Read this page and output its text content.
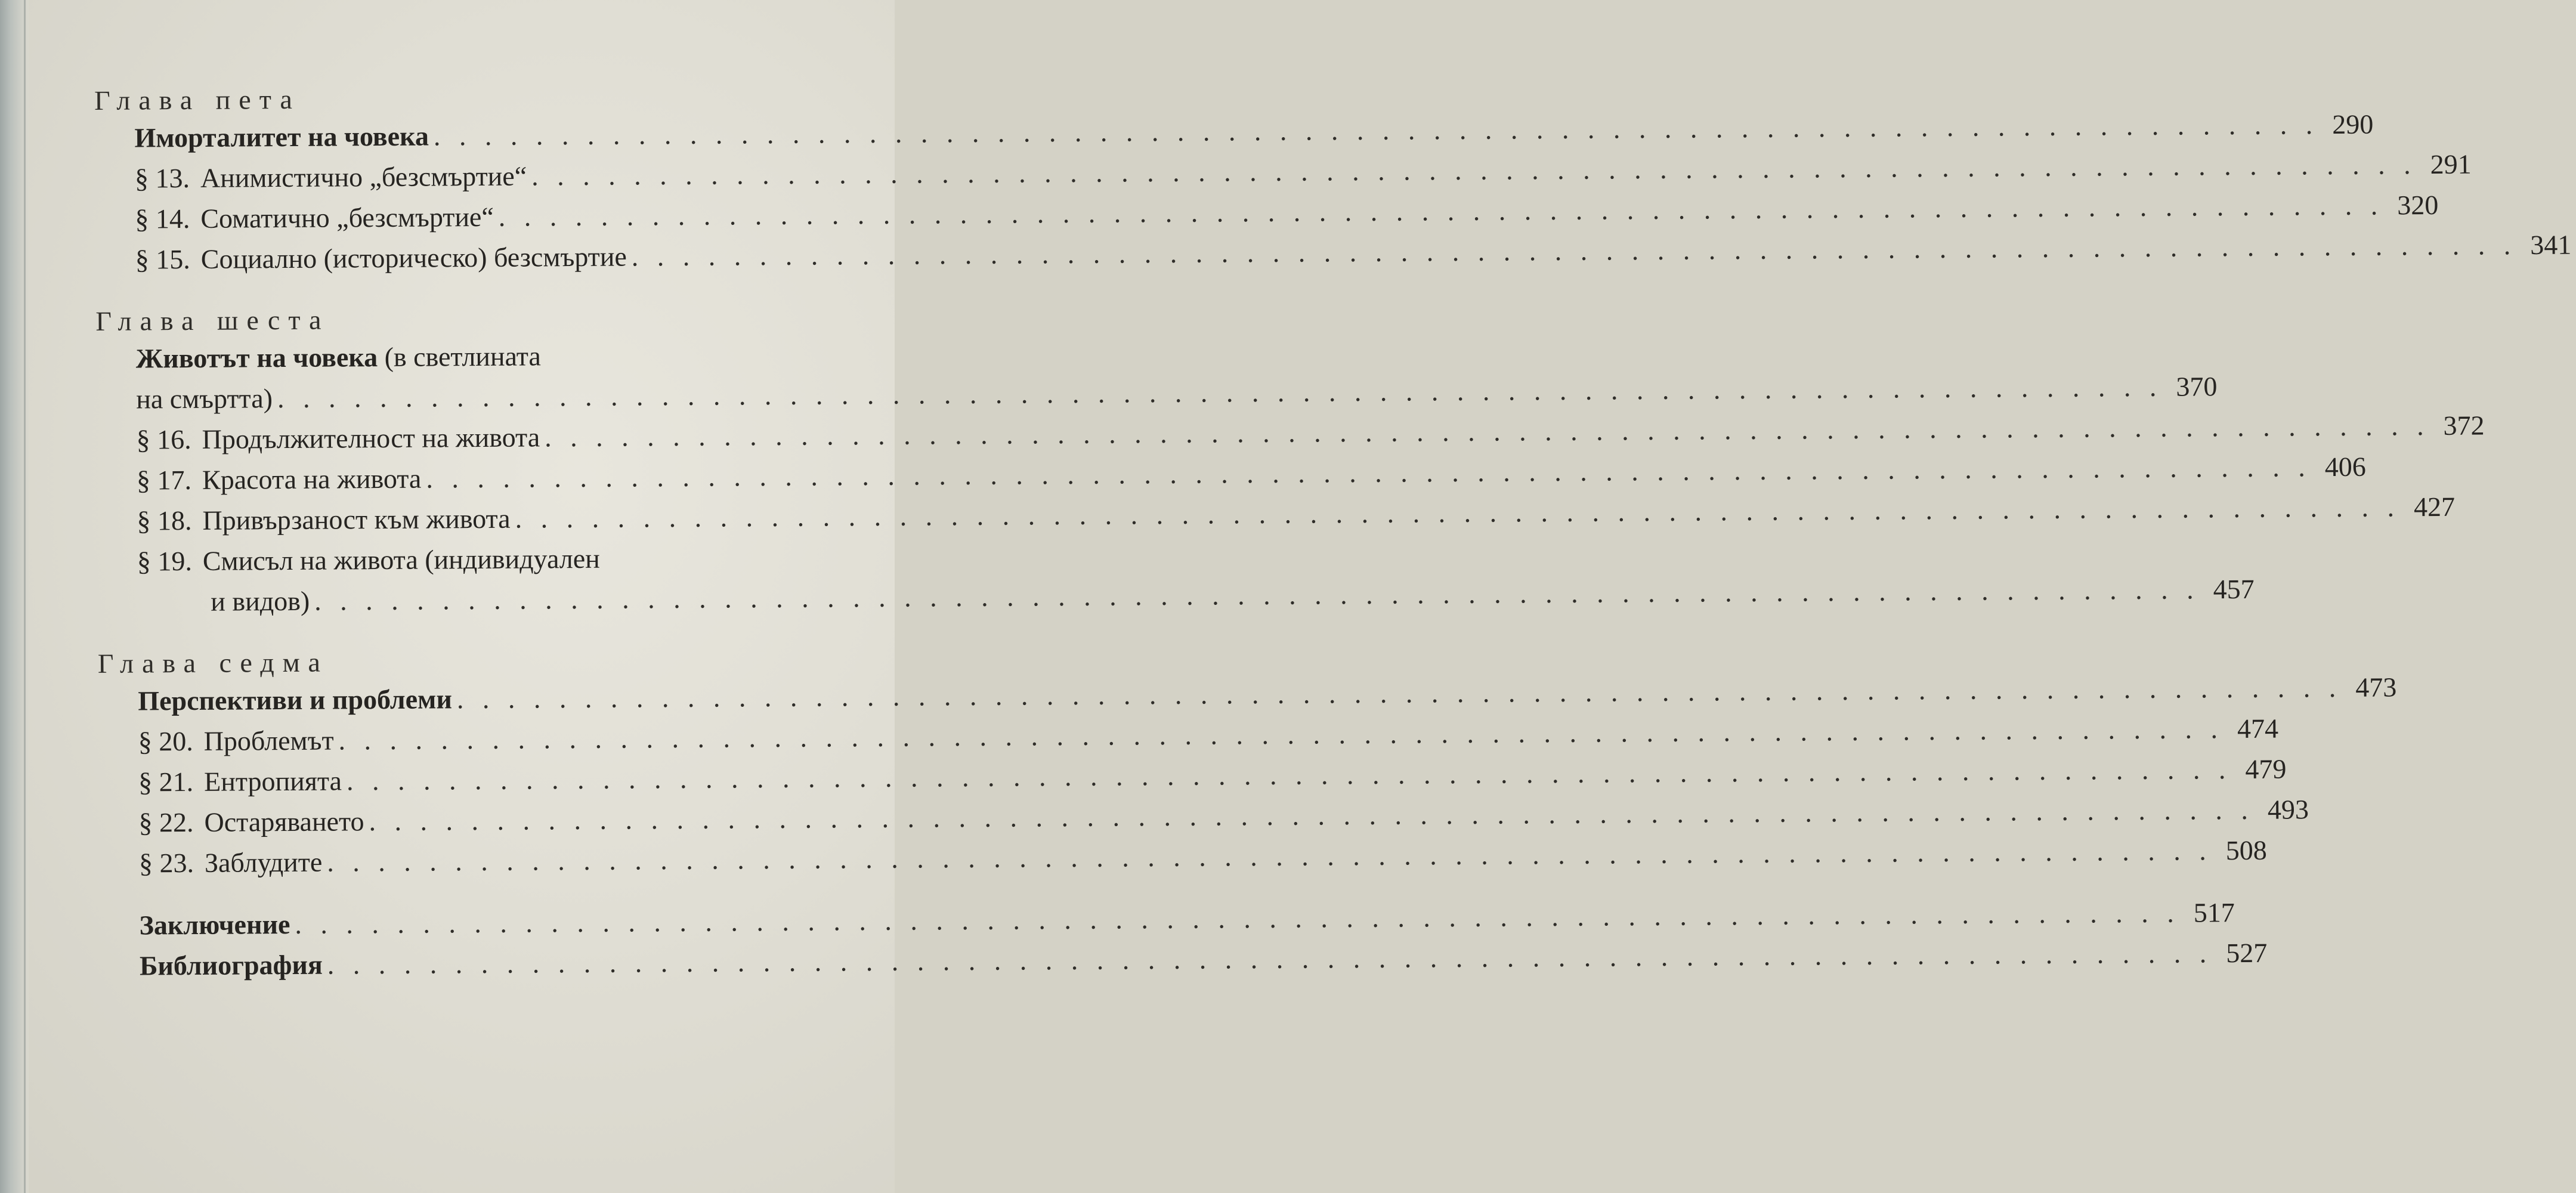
Глава пета
Иморталитет на човека . . . . . . . . . . . . . . . . . . . . . . . . . . . . . . . . . . . . . . . . . . . . . . . . . . . . . . . . . . . . . . . . . . . . . . . . . . 290
§ 13. Анимистично „безсмъртие“ . . . . . . . . . . . . . . . . . . . . . . . . . . . . . . . . . . . . . . . . . . . . . . . . . . . . . . . . . . . . . . . . . . . . . . . . . . 291
§ 14. Соматично „безсмъртие“ . . . . . . . . . . . . . . . . . . . . . . . . . . . . . . . . . . . . . . . . . . . . . . . . . . . . . . . . . . . . . . . . . . . . . . . . . . 320
§ 15. Социално (историческо) безсмъртие . . . . . . . . . . . . . . . . . . . . . . . . . . . . . . . . . . . . . . . . . . . . . . . . . . . . . . . . . . . . . . . . . . . . . . . . . . 341
Глава шеста
Животът на човека (в светлината
на смъртта) . . . . . . . . . . . . . . . . . . . . . . . . . . . . . . . . . . . . . . . . . . . . . . . . . . . . . . . . . . . . . . . . . . . . . . . . . . 370
§ 16. Продължителност на живота . . . . . . . . . . . . . . . . . . . . . . . . . . . . . . . . . . . . . . . . . . . . . . . . . . . . . . . . . . . . . . . . . . . . . . . . . . 372
§ 17. Красота на живота . . . . . . . . . . . . . . . . . . . . . . . . . . . . . . . . . . . . . . . . . . . . . . . . . . . . . . . . . . . . . . . . . . . . . . . . . . 406
§ 18. Привързаност към живота . . . . . . . . . . . . . . . . . . . . . . . . . . . . . . . . . . . . . . . . . . . . . . . . . . . . . . . . . . . . . . . . . . . . . . . . . . 427
§ 19. Смисъл на живота (индивидуален
и видов) . . . . . . . . . . . . . . . . . . . . . . . . . . . . . . . . . . . . . . . . . . . . . . . . . . . . . . . . . . . . . . . . . . . . . . . . . . 457
Глава седма
Перспективи и проблеми . . . . . . . . . . . . . . . . . . . . . . . . . . . . . . . . . . . . . . . . . . . . . . . . . . . . . . . . . . . . . . . . . . . . . . . . . . 473
§ 20. Проблемът . . . . . . . . . . . . . . . . . . . . . . . . . . . . . . . . . . . . . . . . . . . . . . . . . . . . . . . . . . . . . . . . . . . . . . . . . . 474
§ 21. Ентропията . . . . . . . . . . . . . . . . . . . . . . . . . . . . . . . . . . . . . . . . . . . . . . . . . . . . . . . . . . . . . . . . . . . . . . . . . . 479
§ 22. Остаряването . . . . . . . . . . . . . . . . . . . . . . . . . . . . . . . . . . . . . . . . . . . . . . . . . . . . . . . . . . . . . . . . . . . . . . . . . . 493
§ 23. Заблудите . . . . . . . . . . . . . . . . . . . . . . . . . . . . . . . . . . . . . . . . . . . . . . . . . . . . . . . . . . . . . . . . . . . . . . . . . . 508
Заключение . . . . . . . . . . . . . . . . . . . . . . . . . . . . . . . . . . . . . . . . . . . . . . . . . . . . . . . . . . . . . . . . . . . . . . . . . . 517
Библиография . . . . . . . . . . . . . . . . . . . . . . . . . . . . . . . . . . . . . . . . . . . . . . . . . . . . . . . . . . . . . . . . . . . . . . . . . . 527
